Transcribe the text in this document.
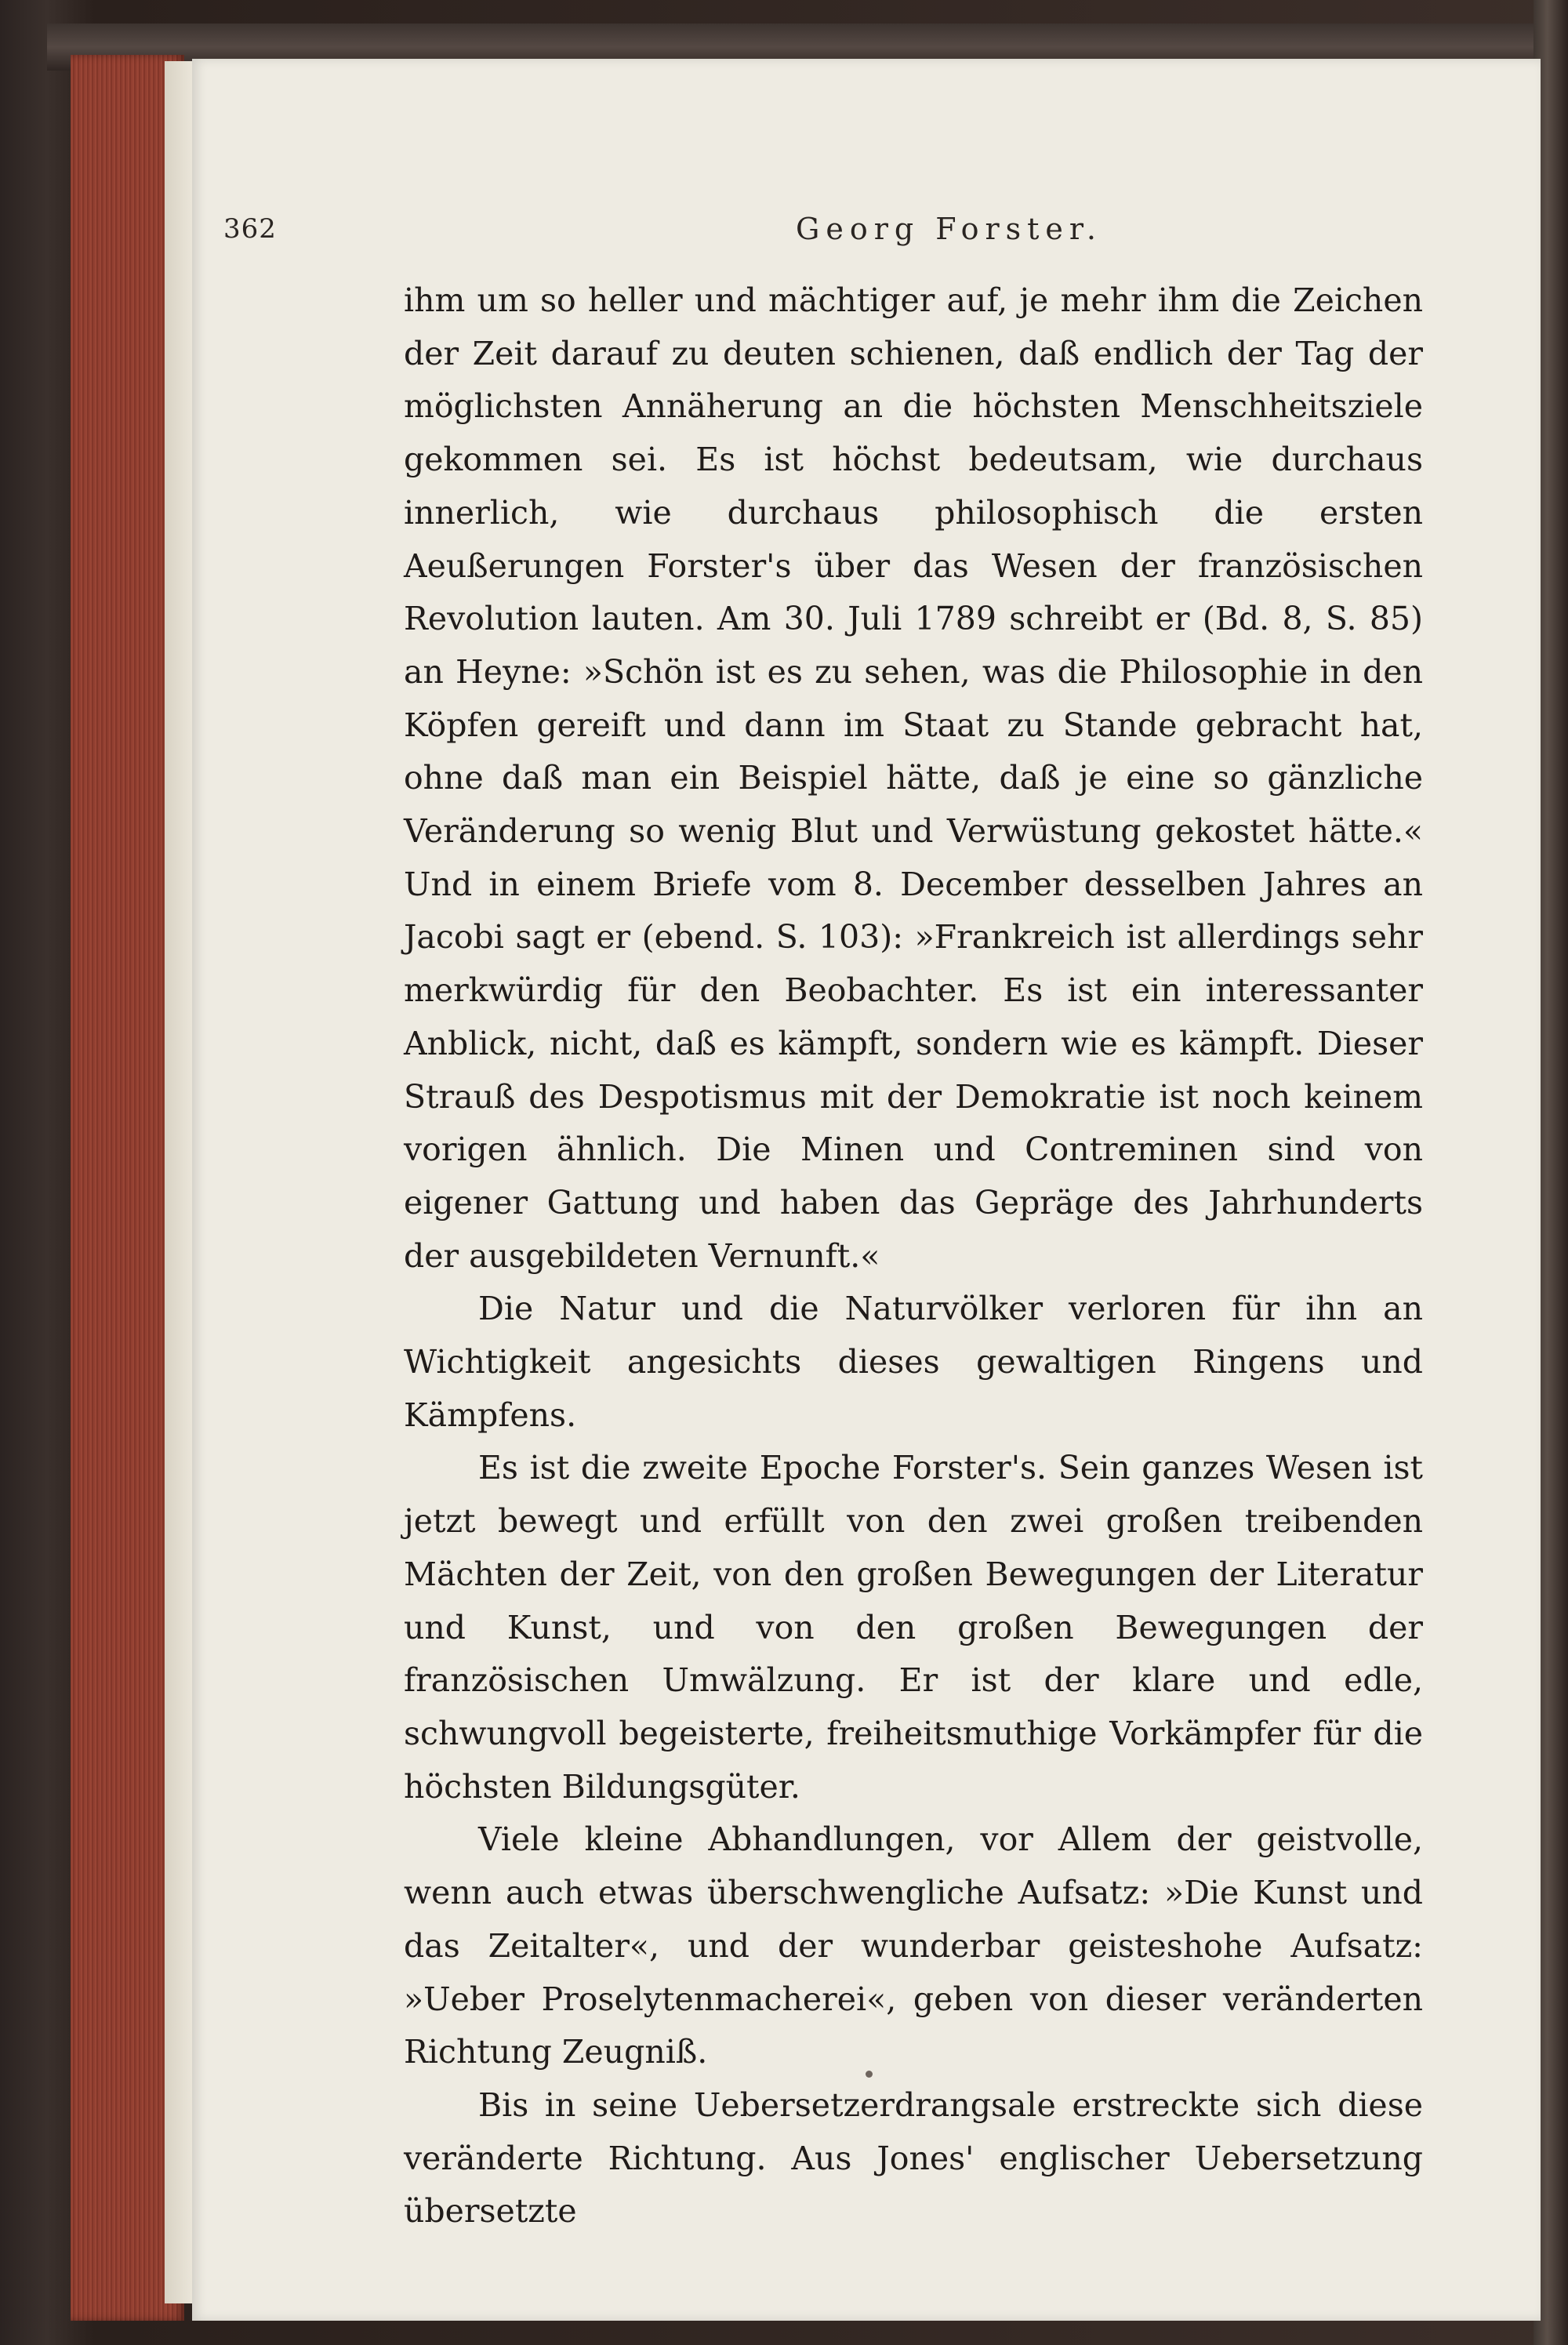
362	Georg Forster.

ihm um so heller und mächtiger auf, je mehr ihm die Zeichen der Zeit darauf zu deuten schienen, daß endlich der Tag der möglichsten Annäherung an die höchsten Menschheitsziele gekommen sei. Es ist höchst bedeutsam, wie durchaus innerlich, wie durchaus philosophisch die ersten Aeußerungen Forster's über das Wesen der französischen Revolution lauten. Am 30. Juli 1789 schreibt er (Bd. 8, S. 85) an Heyne: »Schön ist es zu sehen, was die Philosophie in den Köpfen gereift und dann im Staat zu Stande gebracht hat, ohne daß man ein Beispiel hätte, daß je eine so gänzliche Veränderung so wenig Blut und Verwüstung gekostet hätte.« Und in einem Briefe vom 8. December desselben Jahres an Jacobi sagt er (ebend. S. 103): »Frankreich ist allerdings sehr merkwürdig für den Beobachter. Es ist ein interessanter Anblick, nicht, daß es kämpft, sondern wie es kämpft. Dieser Strauß des Despotismus mit der Demokratie ist noch keinem vorigen ähnlich. Die Minen und Contreminen sind von eigener Gattung und haben das Gepräge des Jahrhunderts der ausgebildeten Vernunft.«

Die Natur und die Naturvölker verloren für ihn an Wichtigkeit angesichts dieses gewaltigen Ringens und Kämpfens.

Es ist die zweite Epoche Forster's. Sein ganzes Wesen ist jetzt bewegt und erfüllt von den zwei großen treibenden Mächten der Zeit, von den großen Bewegungen der Literatur und Kunst, und von den großen Bewegungen der französischen Umwälzung. Er ist der klare und edle, schwungvoll begeisterte, freiheitsmuthige Vorkämpfer für die höchsten Bildungsgüter.

Viele kleine Abhandlungen, vor Allem der geistvolle, wenn auch etwas überschwengliche Aufsatz: »Die Kunst und das Zeitalter«, und der wunderbar geisteshohe Aufsatz: »Ueber Proselytenmacherei«, geben von dieser veränderten Richtung Zeugniß.

Bis in seine Uebersetzerdrangsale erstreckte sich diese veränderte Richtung. Aus Jones' englischer Uebersetzung übersetzte
